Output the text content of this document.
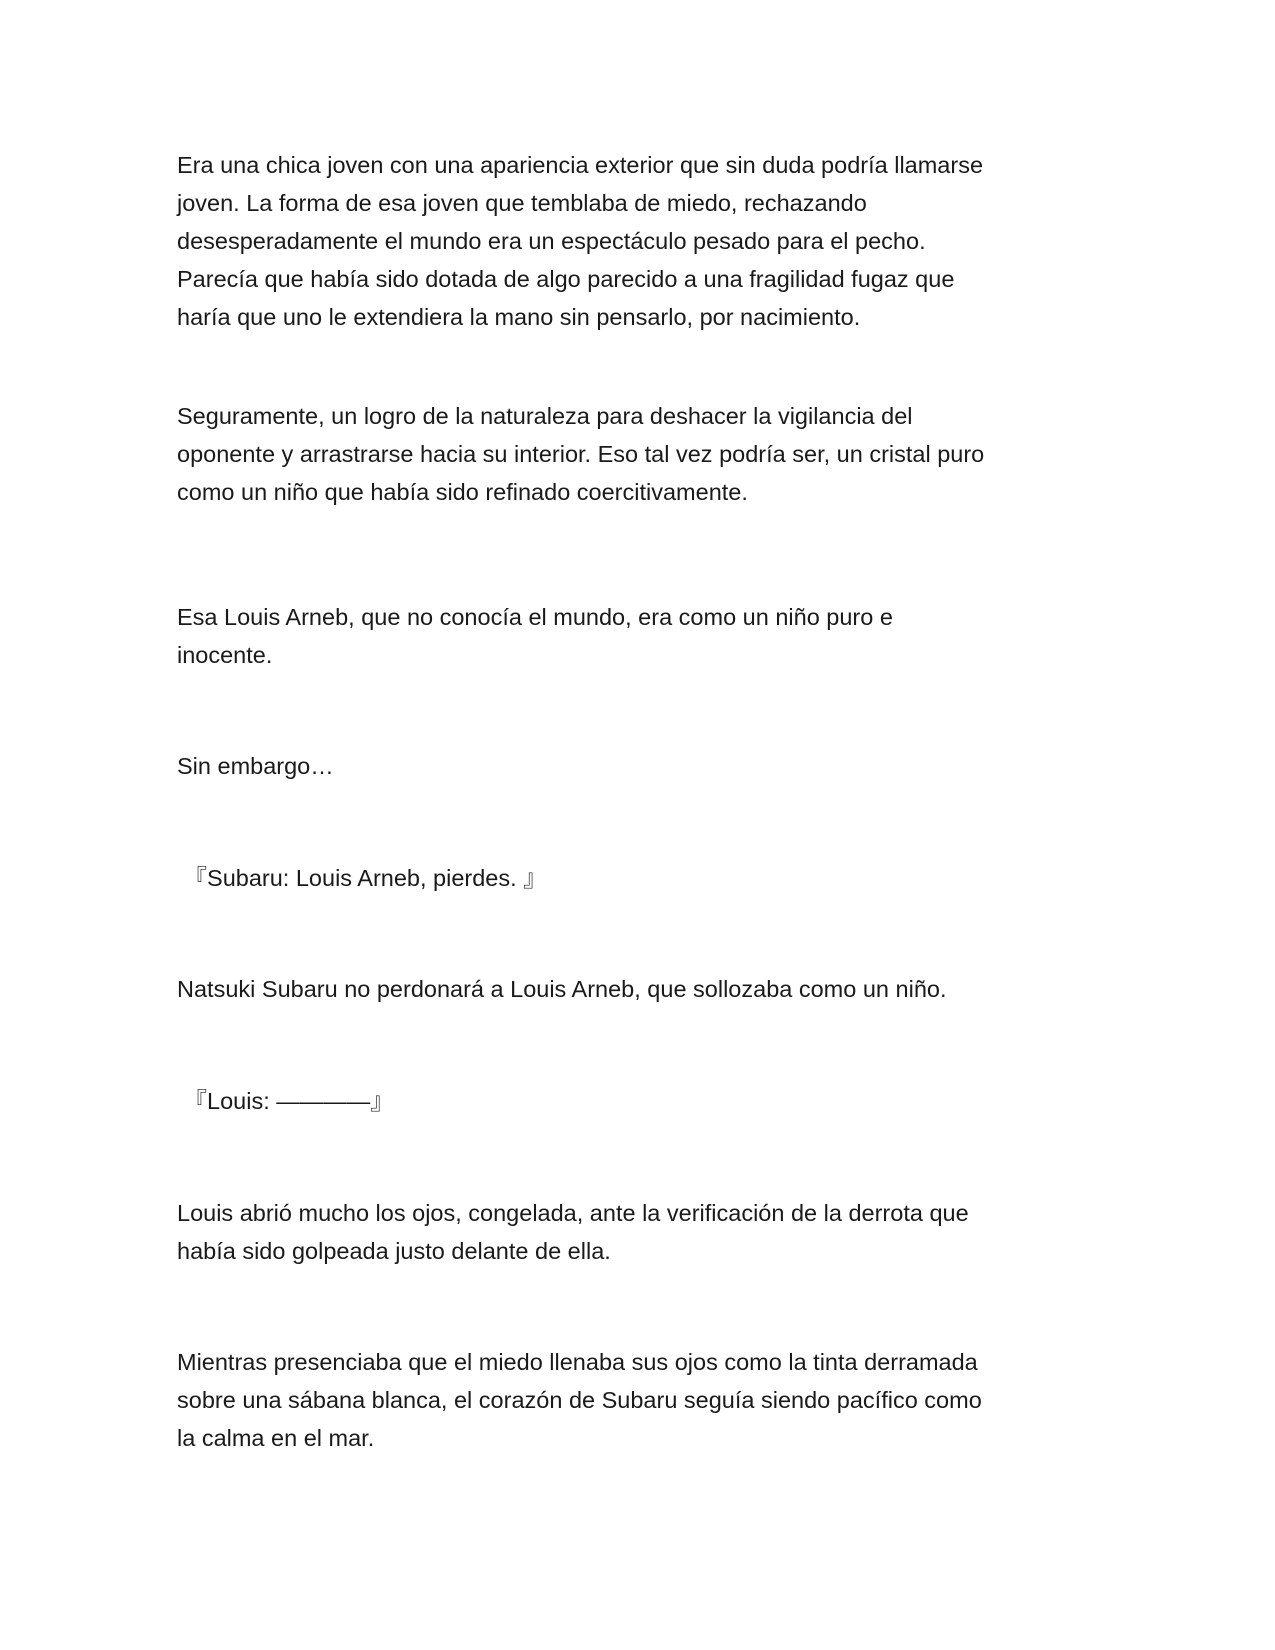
Era una chica joven con una apariencia exterior que sin duda podría llamarse
joven. La forma de esa joven que temblaba de miedo, rechazando
desesperadamente el mundo era un espectáculo pesado para el pecho.
Parecía que había sido dotada de algo parecido a una fragilidad fugaz que
haría que uno le extendiera la mano sin pensarlo, por nacimiento.

Seguramente, un logro de la naturaleza para deshacer la vigilancia del
oponente y arrastrarse hacia su interior. Eso tal vez podría ser, un cristal puro
como un niño que había sido refinado coercitivamente.

Esa Louis Arneb, que no conocía el mundo, era como un niño puro e
inocente.

Sin embargo…

『Subaru: Louis Arneb, pierdes. 』

Natsuki Subaru no perdonará a Louis Arneb, que sollozaba como un niño.

『Louis: ————』

Louis abrió mucho los ojos, congelada, ante la verificación de la derrota que
había sido golpeada justo delante de ella.

Mientras presenciaba que el miedo llenaba sus ojos como la tinta derramada
sobre una sábana blanca, el corazón de Subaru seguía siendo pacífico como
la calma en el mar.
